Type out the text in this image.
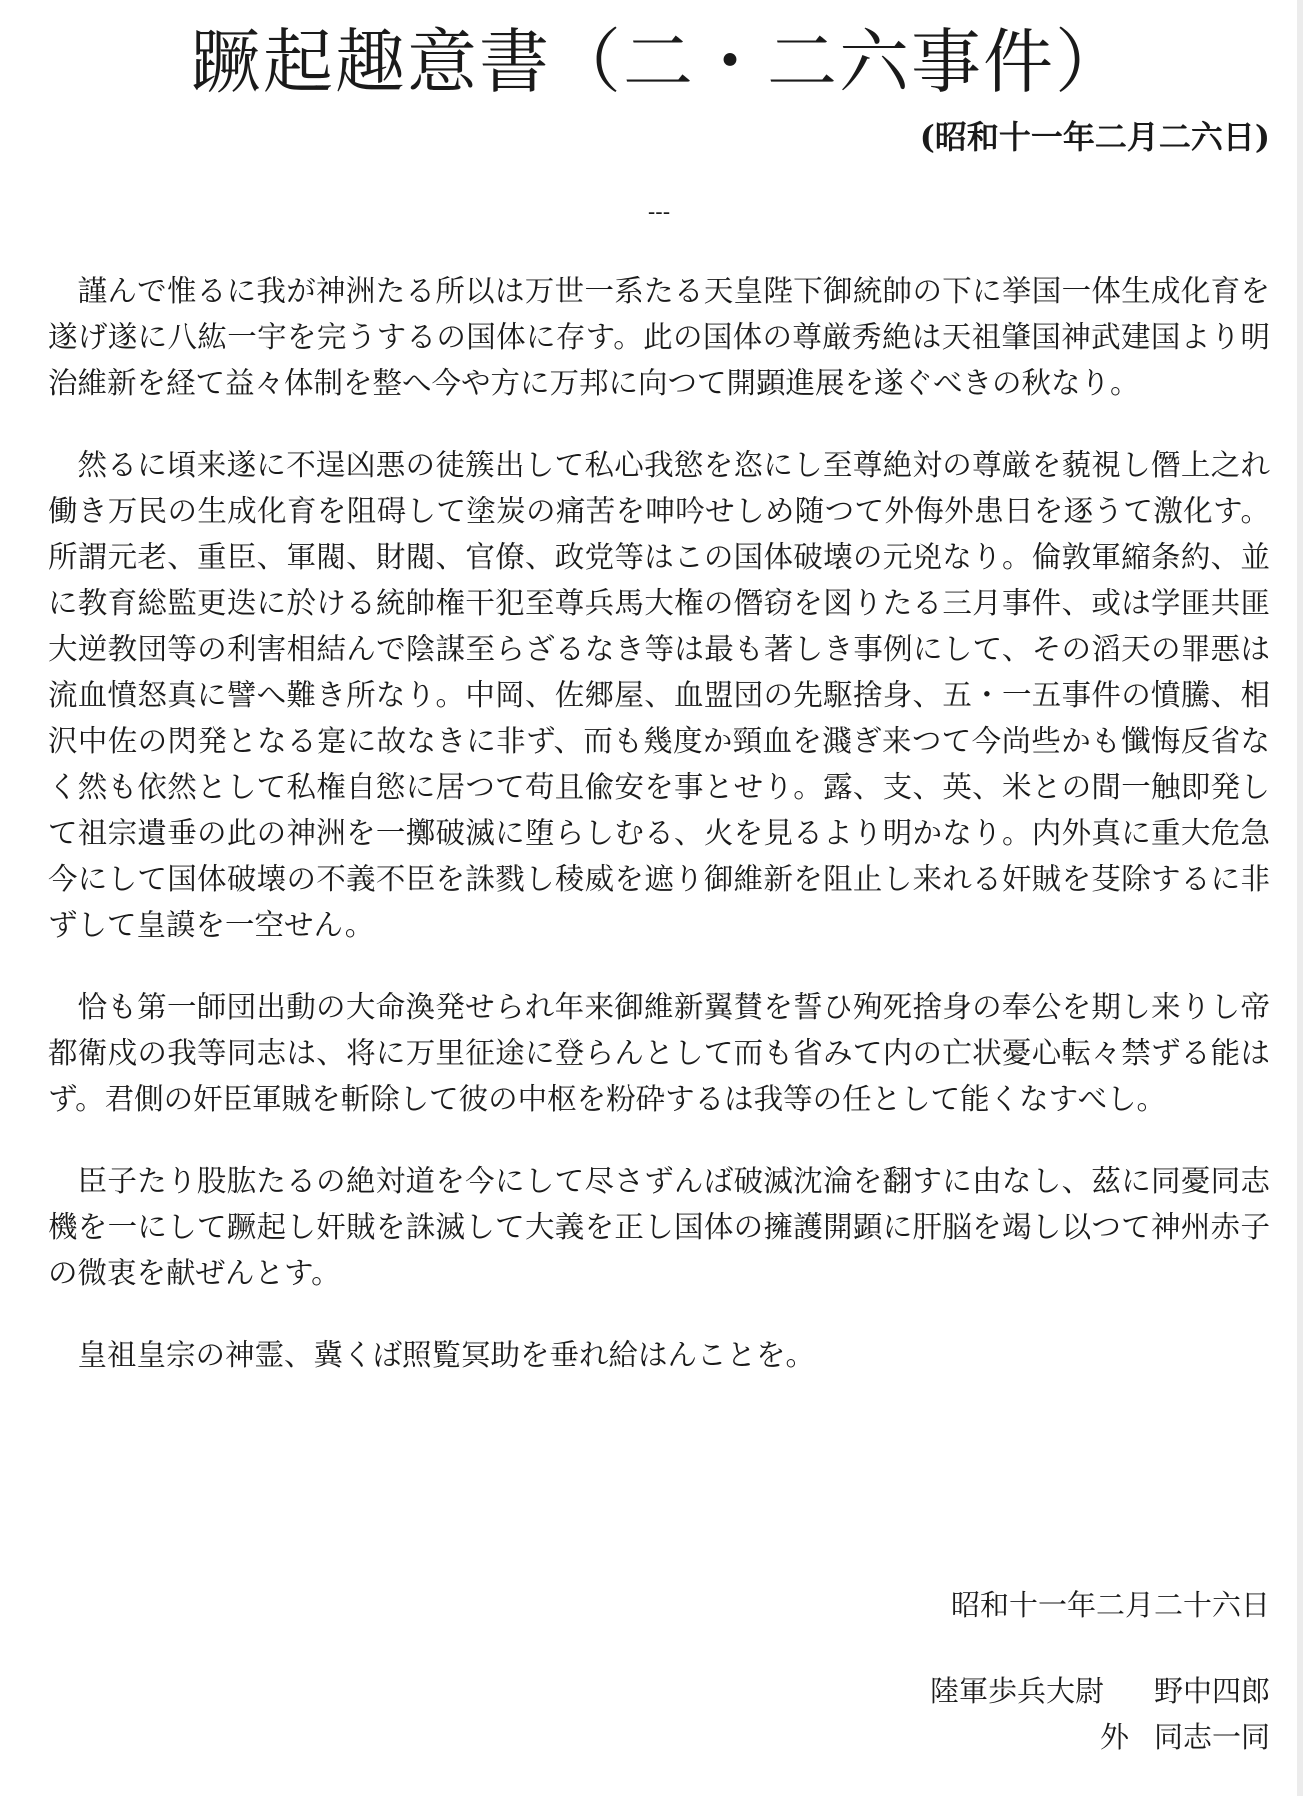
蹶起趣意書（二・二六事件）

(昭和十一年二月二六日)

---

謹んで惟るに我が神洲たる所以は万世一系たる天皇陛下御統帥の下に挙国一体生成化育を遂げ遂に八紘一宇を完うするの国体に存す。此の国体の尊厳秀絶は天祖肇国神武建国より明治維新を経て益々体制を整へ今や方に万邦に向つて開顕進展を遂ぐべきの秋なり。

然るに頃来遂に不逞凶悪の徒簇出して私心我慾を恣にし至尊絶対の尊厳を藐視し僭上之れ働き万民の生成化育を阻碍して塗炭の痛苦を呻吟せしめ随つて外侮外患日を逐うて激化す。所謂元老、重臣、軍閥、財閥、官僚、政党等はこの国体破壊の元兇なり。倫敦軍縮条約、並に教育総監更迭に於ける統帥権干犯至尊兵馬大権の僭窃を図りたる三月事件、或は学匪共匪大逆教団等の利害相結んで陰謀至らざるなき等は最も著しき事例にして、その滔天の罪悪は流血憤怒真に譬へ難き所なり。中岡、佐郷屋、血盟団の先駆捨身、五・一五事件の憤騰、相沢中佐の閃発となる寔に故なきに非ず、而も幾度か頸血を濺ぎ来つて今尚些かも懺悔反省なく然も依然として私権自慾に居つて苟且偸安を事とせり。露、支、英、米との間一触即発して祖宗遺垂の此の神洲を一擲破滅に堕らしむる、火を見るより明かなり。内外真に重大危急今にして国体破壊の不義不臣を誅戮し稜威を遮り御維新を阻止し来れる奸賊を芟除するに非ずして皇謨を一空せん。

恰も第一師団出動の大命渙発せられ年来御維新翼賛を誓ひ殉死捨身の奉公を期し来りし帝都衛戍の我等同志は、将に万里征途に登らんとして而も省みて内の亡状憂心転々禁ずる能はず。君側の奸臣軍賊を斬除して彼の中枢を粉砕するは我等の任として能くなすべし。

臣子たり股肱たるの絶対道を今にして尽さずんば破滅沈淪を翻すに由なし、茲に同憂同志機を一にして蹶起し奸賊を誅滅して大義を正し国体の擁護開顕に肝脳を竭し以つて神州赤子の微衷を献ぜんとす。

皇祖皇宗の神霊、冀くば照覧冥助を垂れ給はんことを。

昭和十一年二月二十六日

陸軍歩兵大尉 野中四郎
外 同志一同
